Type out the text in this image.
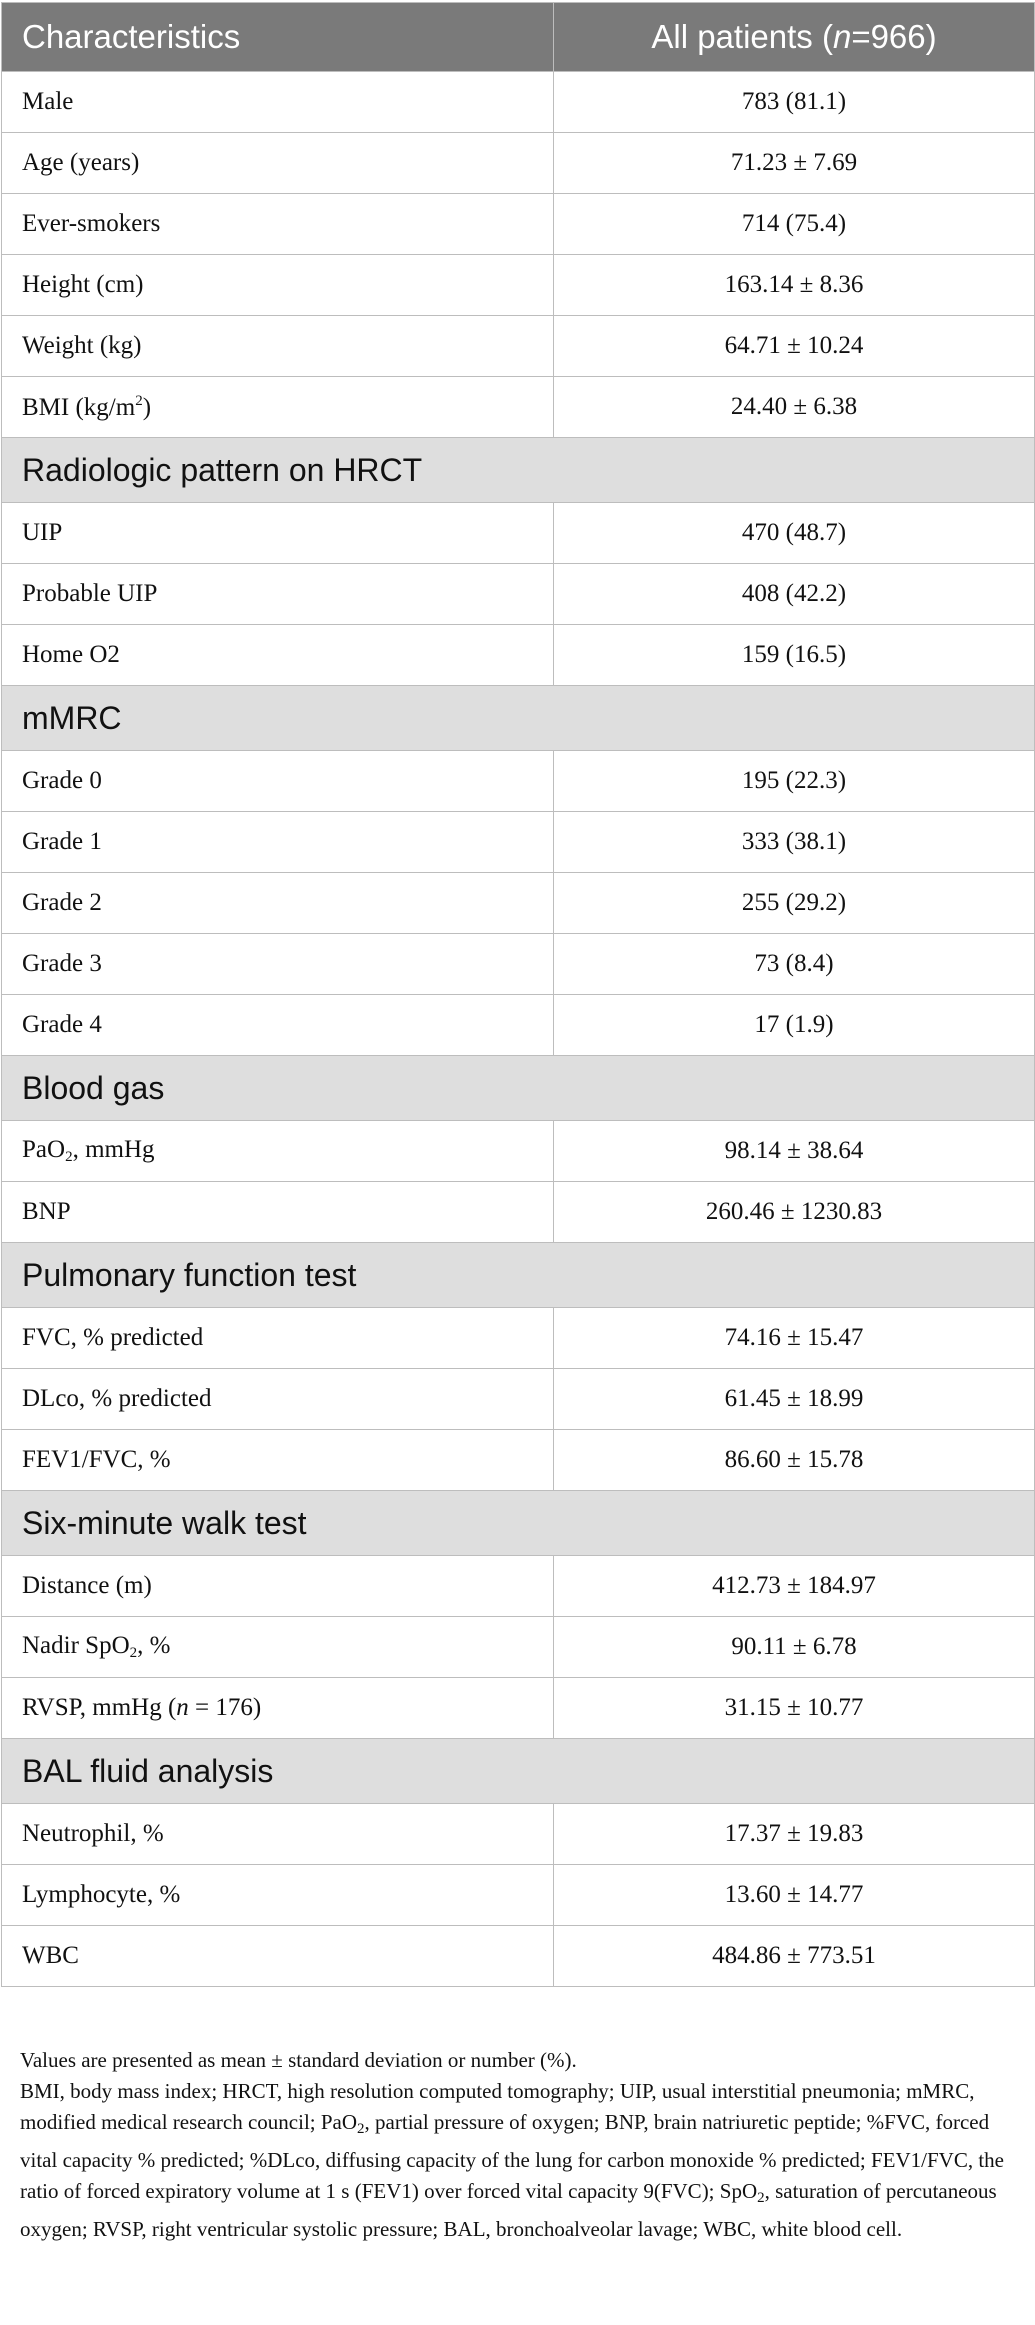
Characteristics	All patients (n=966)
Male	783 (81.1)
Age (years)	71.23 ± 7.69
Ever-smokers	714 (75.4)
Height (cm)	163.14 ± 8.36
Weight (kg)	64.71 ± 10.24
BMI $(kg/m^2)$	24.40 ± 6.38
Radiologic pattern on HRCT	
UIP	470 (48.7)
Probable UIP	408 (42.2)
Home O2	159 (16.5)
mMRC	
Grade 0	195 (22.3)
Grade 1	333 (38.1)
Grade 2	255 (29.2)
Grade 3	73 (8.4)
Grade 4	17 (1.9)
Blood gas	
PaO$_2$, mmHg	98.14 ± 38.64
BNP	260.46 ± 1230.83
Pulmonary function test	
FVC, % predicted	74.16 ± 15.47
DLco, % predicted	61.45 ± 18.99
FEV1/FVC, %	86.60 ± 15.78
Six-minute walk test	
Distance (m)	412.73 ± 184.97
Nadir SpO$_2$, %	90.11 ± 6.78
RVSP, mmHg (n = 176)	31.15 ± 10.77
BAL fluid analysis	
Neutrophil, %	17.37 ± 19.83
Lymphocyte, %	13.60 ± 14.77
WBC	484.86 ± 773.51

Values are presented as mean ± standard deviation or number (%).

BMI, body mass index; HRCT, high resolution computed tomography; UIP, usual interstitial pneumonia; mMRC, modified medical research council; PaO$_2$, partial pressure of oxygen; BNP, brain natriuretic peptide; %FVC, forced vital capacity % predicted; %DLco, diffusing capacity of the lung for carbon monoxide % predicted; FEV1/FVC, the ratio of forced expiratory volume at 1 s (FEV1) over forced vital capacity 9(FVC); SpO$_2$, saturation of percutaneous oxygen; RVSP, right ventricular systolic pressure; BAL, bronchoalveolar lavage; WBC, white blood cell.
